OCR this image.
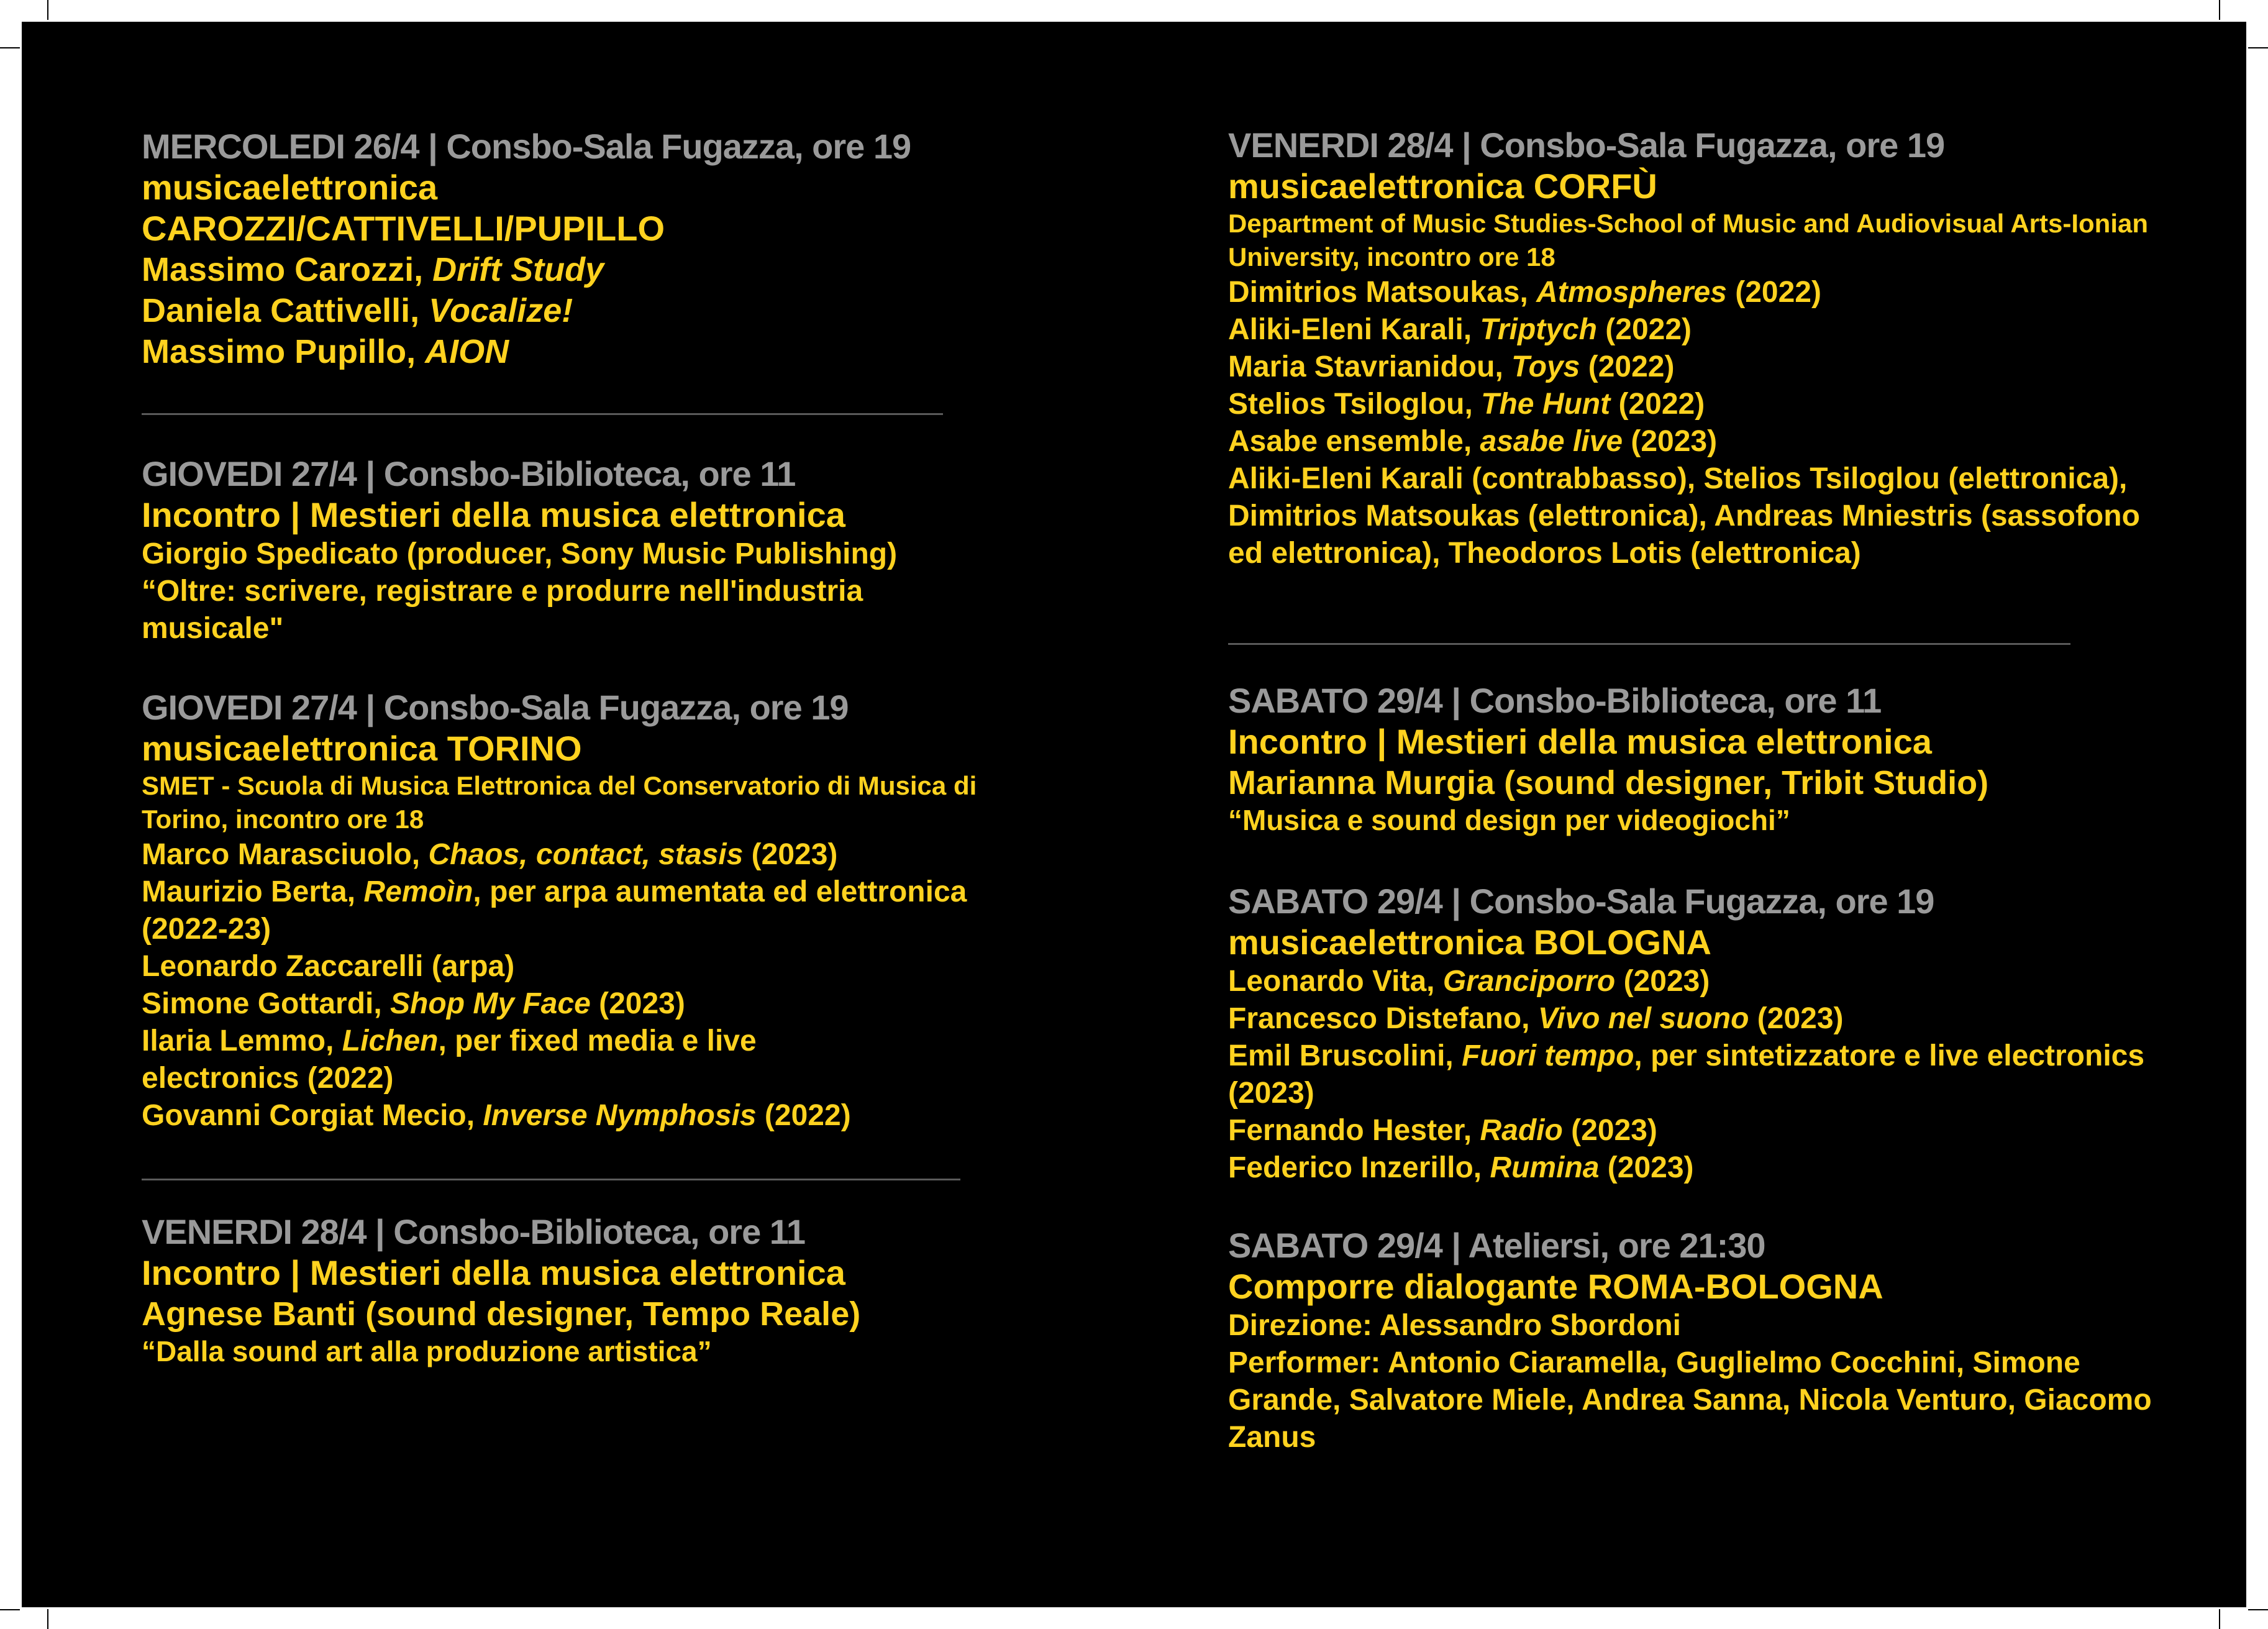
MERCOLEDI 26/4 | Consbo-Sala Fugazza, ore 19
musicaelettronica
CAROZZI/CATTIVELLI/PUPILLO
Massimo Carozzi, Drift Study
Daniela Cattivelli, Vocalize!
Massimo Pupillo, AION
GIOVEDI 27/4 | Consbo-Biblioteca, ore 11
Incontro | Mestieri della musica elettronica
Giorgio Spedicato (producer, Sony Music Publishing)
“Oltre: scrivere, registrare e produrre nell'industria musicale"
GIOVEDI 27/4 | Consbo-Sala Fugazza, ore 19
musicaelettronica TORINO
SMET - Scuola di Musica Elettronica del Conservatorio di Musica di Torino, incontro ore 18
Marco Marasciuolo, Chaos, contact, stasis (2023)
Maurizio Berta, Remoìn, per arpa aumentata ed elettronica (2022-23)
Leonardo Zaccarelli (arpa)
Simone Gottardi, Shop My Face (2023)
Ilaria Lemmo, Lichen, per fixed media e live electronics (2022)
Govanni Corgiat Mecio, Inverse Nymphosis (2022)
VENERDI 28/4 | Consbo-Biblioteca, ore 11
Incontro | Mestieri della musica elettronica
Agnese Banti (sound designer, Tempo Reale)
“Dalla sound art alla produzione artistica”
VENERDI 28/4 | Consbo-Sala Fugazza, ore 19
musicaelettronica CORFÙ
Department of Music Studies-School of Music and Audiovisual Arts-Ionian University, incontro ore 18
Dimitrios Matsoukas, Atmospheres (2022)
Aliki-Eleni Karali, Triptych (2022)
Maria Stavrianidou, Toys (2022)
Stelios Tsiloglou, The Hunt (2022)
Asabe ensemble, asabe live (2023)
Aliki-Eleni Karali (contrabbasso), Stelios Tsiloglou (elettronica), Dimitrios Matsoukas (elettronica), Andreas Mniestris (sassofono ed elettronica), Theodoros Lotis (elettronica)
SABATO 29/4 | Consbo-Biblioteca, ore 11
Incontro | Mestieri della musica elettronica
Marianna Murgia (sound designer, Tribit Studio)
“Musica e sound design per videogiochi”
SABATO 29/4 | Consbo-Sala Fugazza, ore 19
musicaelettronica BOLOGNA
Leonardo Vita, Granciporro (2023)
Francesco Distefano, Vivo nel suono (2023)
Emil Bruscolini, Fuori tempo, per sintetizzatore e live electronics (2023)
Fernando Hester, Radio (2023)
Federico Inzerillo, Rumina (2023)
SABATO 29/4 | Ateliersi, ore 21:30
Comporre dialogante ROMA-BOLOGNA
Direzione: Alessandro Sbordoni
Performer: Antonio Ciaramella, Guglielmo Cocchini, Simone Grande, Salvatore Miele, Andrea Sanna, Nicola Venturo, Giacomo Zanus
